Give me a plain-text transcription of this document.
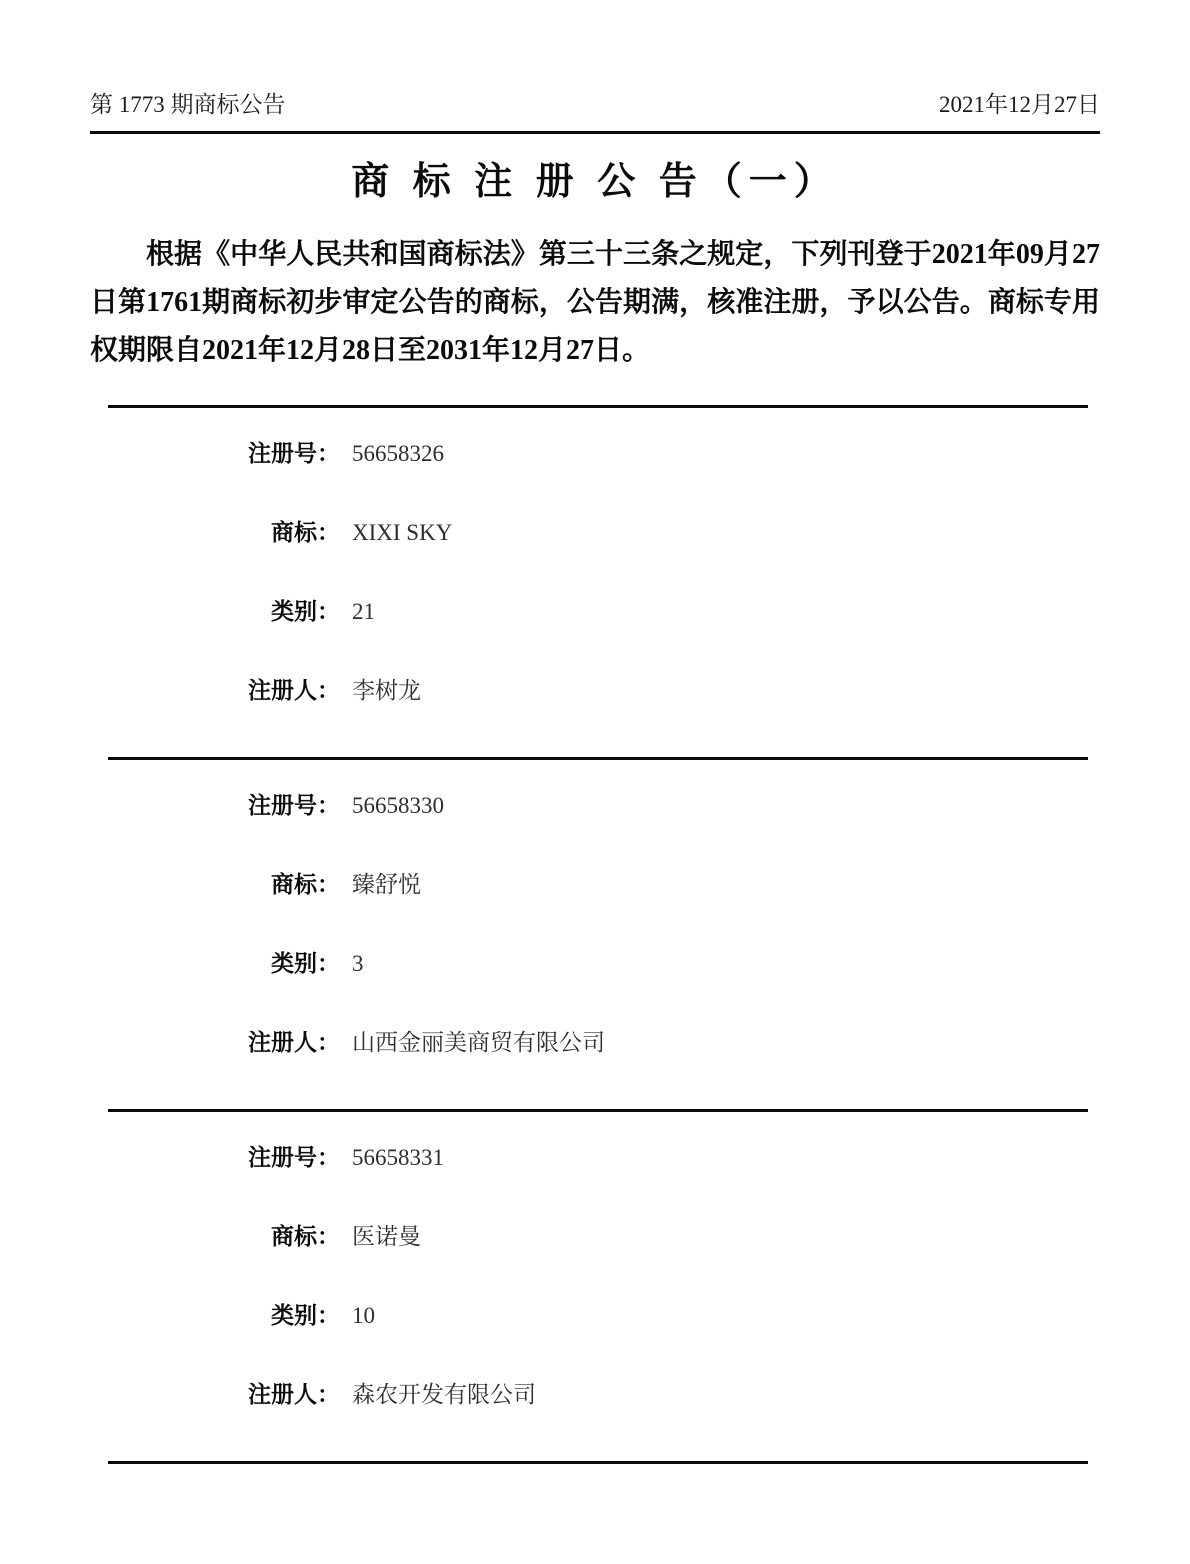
第 1773 期商标公告	2021年12月27日
商 标 注 册 公 告（一）

根据《中华人民共和国商标法》第三十三条之规定，下列刊登于2021年09月27日第1761期商标初步审定公告的商标，公告期满，核准注册，予以公告。商标专用权期限自2021年12月28日至2031年12月27日。

注册号： 56658326
商标： XIXI SKY
类别： 21
注册人： 李树龙
注册号： 56658330
商标： 臻舒悦
类别： 3
注册人： 山西金丽美商贸有限公司
注册号： 56658331
商标： 医诺曼
类别： 10
注册人： 森农开发有限公司
